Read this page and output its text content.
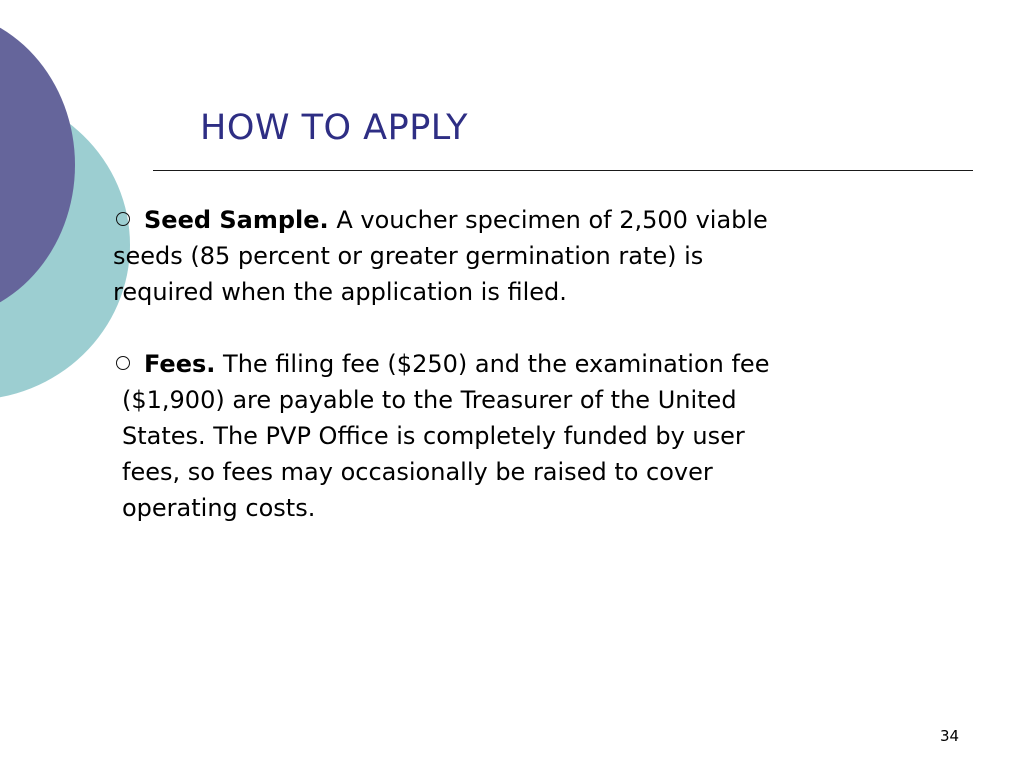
HOW TO APPLY
Seed Sample. A voucher specimen of 2,500 viable
seeds (85 percent or greater germination rate) is
required when the application is filed.
Fees. The filing fee ($250) and the examination fee
($1,900) are payable to the Treasurer of the United
States. The PVP Office is completely funded by user
fees, so fees may occasionally be raised to cover
operating costs.
34
